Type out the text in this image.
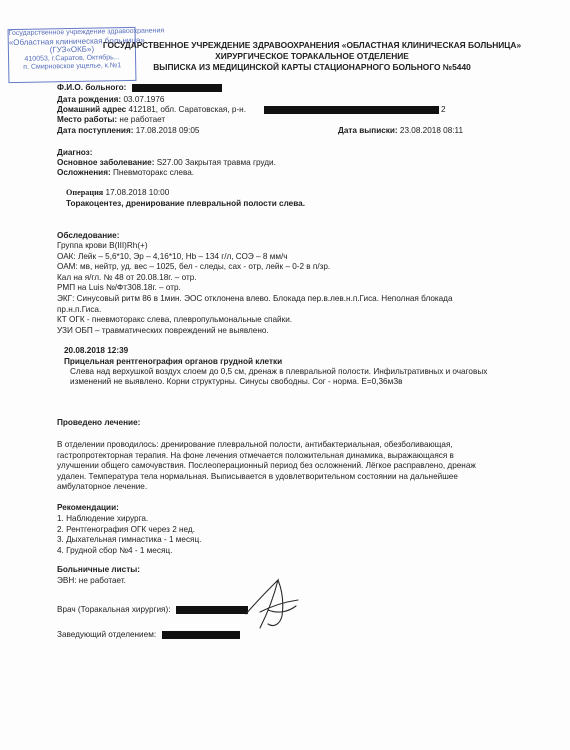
Государственное учреждение здравоохранения
«Областная клиническая больница»
(ГУЗ«ОКБ»)
410053, г.Саратов, Октябрь...
п. Смирновское ущелье, к.№1
ГОСУДАРСТВЕННОЕ УЧРЕЖДЕНИЕ ЗДРАВООХРАНЕНИЯ «ОБЛАСТНАЯ КЛИНИЧЕСКАЯ БОЛЬНИЦА»
ХИРУРГИЧЕСКОЕ ТОРАКАЛЬНОЕ ОТДЕЛЕНИЕ
ВЫПИСКА ИЗ МЕДИЦИНСКОЙ КАРТЫ СТАЦИОНАРНОГО БОЛЬНОГО №5440
Ф.И.О. больного:
Дата рождения: 03.07.1976
Домашний адрес 412181, обл. Саратовская, р-н.	2
Место работы: не работает
Дата поступления: 17.08.2018 09:05	Дата выписки: 23.08.2018 08:11
Диагноз:
Основное заболевание: S27.00 Закрытая травма груди.
Осложнения: Пневмоторакс слева.
Операция 17.08.2018 10:00
Торакоцентез, дренирование плевральной полости слева.
Обследование:
Группа крови B(III)Rh(+)
ОАК: Лейк – 5,6*10, Эр – 4,16*10, Hb – 134 г/л, СОЭ – 8 мм/ч
ОАМ: мв, нейтр, уд. вес – 1025, бел - следы, сах - отр, лейк – 0-2 в п/зр.
Кал на я/гл. № 48 от 20.08.18г. – отр.
РМП на Luis №/ФтЗ08.18г. – отр.
ЭКГ: Синусовый ритм 86 в 1мин. ЭОС отклонена влево. Блокада пер.в.лев.н.п.Гиса. Неполная блокада
пр.н.п.Гиса.
КТ ОГК - пневмоторакс слева, плевропульмональные спайки.
УЗИ ОБП – травматических повреждений не выявлено.
20.08.2018 12:39
Прицельная рентгенография органов грудной клетки
Слева над верхушкой воздух слоем до 0,5 см, дренаж в плевральной полости. Инфильтративных и очаговых
изменений не выявлено. Корни структурны. Синусы свободны. Сог - норма. E=0,36мЗв
Проведено лечение:
В отделении проводилось: дренирование плевральной полости, антибактериальная, обезболивающая,
гастропротекторная терапия. На фоне лечения отмечается положительная динамика, выражающаяся в
улучшении общего самочувствия. Послеоперационный период без осложнений. Лёгкое расправлено, дренаж
удален. Температура тела нормальная. Выписывается в удовлетворительном состоянии на дальнейшее
амбулаторное лечение.
Рекомендации:
1. Наблюдение хирурга.
2. Рентгенография ОГК через 2 нед.
3. Дыхательная гимнастика - 1 месяц.
4. Грудной сбор №4 - 1 месяц.
Больничные листы:
ЭВН: не работает.
Врач (Торакальная хирургия):
Заведующий отделением:
